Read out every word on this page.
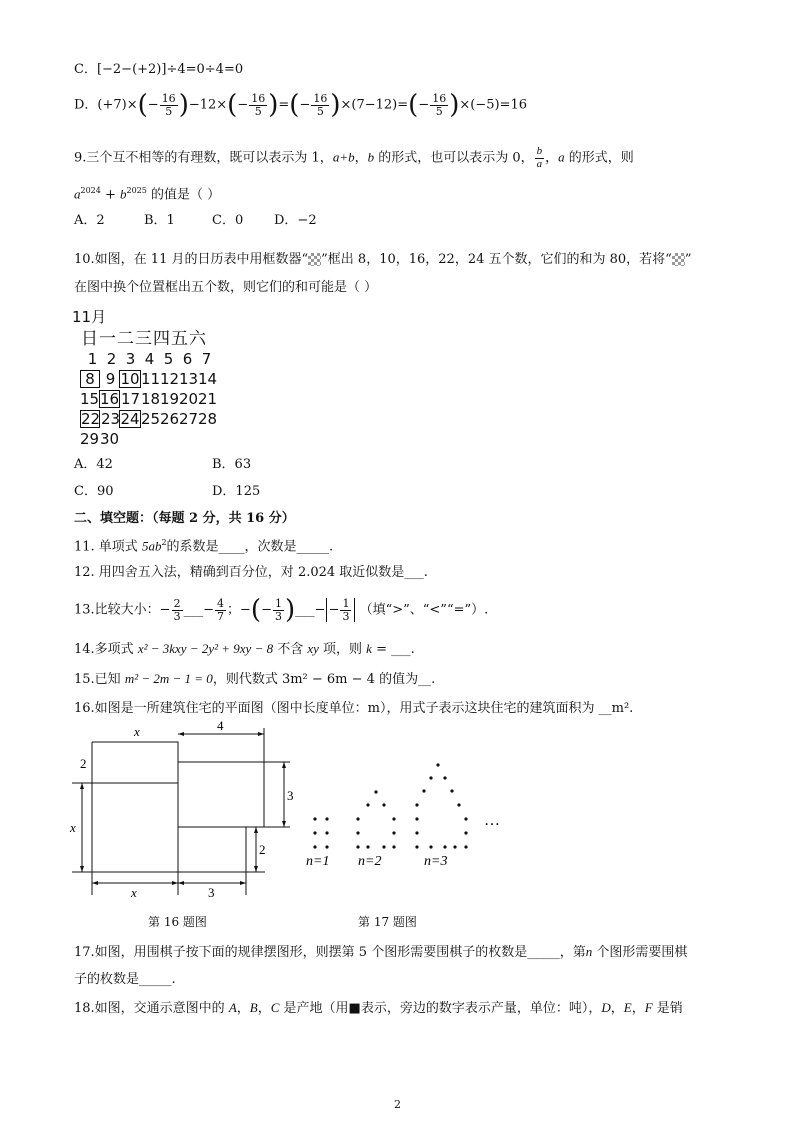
C．[−2−(+2)]÷4=0÷4=0
D．$(+7)\times(- \frac{16}{5} )-12\times(- \frac{16}{5}$ )=(− $\frac{16}{5} )\times(7-12)=(- \frac{16}{5} )\times(-5)=16$
9.三个互不相等的有理数，既可以表示为 1，a+b，b 的形式，也可以表示为 0， $\frac{b}{a}$ ，a 的形式，则
$a^{2024} + b^{2025}$ 的值是（ ）
A．2	B．1	C．0 D．−2
10.如图，在 11 月的日历表中用框数器“ ”框出 8，10，16，22，24 五个数，它们的和为 80，若将“ ”
在图中换个位置框出五个数，则它们的和可能是（ ）
11月
日一二三四五六
1 2 3 4 5 6 7
8 9 10 11 12 13 14
15 16 17 18 19 20 21
22 23 24 25 26 27 28
29 30
A．42	B．63
C．90	D．125
二、填空题：（每题 2 分，共 16 分）
11. 单项式 $5ab^2$的系数是____，次数是_____.
12. 用四舍五入法，精确到百分位，对 2.024 取近似数是___.
13.比较大小：− $\frac{2}{3}$ ___− $\frac{4}{7}$ ；−(− $\frac{1}{3}$ )___− − $\frac{1}{3}$ （填“>”、“<”“=”）.
14.多项式 x² − 3kxy − 2y² + 9xy − 8 不含 xy 项，则 k = ___.
15.已知 m² − 2m − 1 = 0，则代数式 3m² − 6m − 4 的值为__.
16.如图是一所建筑住宅的平面图（图中长度单位：m），用式子表示这块住宅的建筑面积为 __m².
x	4
2
3
x
2
x	3
第 16 题图
n=1 n=2	n=3
…
第 17 题图
17.如图，用围棋子按下面的规律摆图形，则摆第 5 个图形需要围棋子的枚数是_____，第n 个图形需要围棋
子的枚数是_____.
18.如图，交通示意图中的 A，B，C 是产地（用■表示，旁边的数字表示产量，单位：吨），D，E，F 是销
2
